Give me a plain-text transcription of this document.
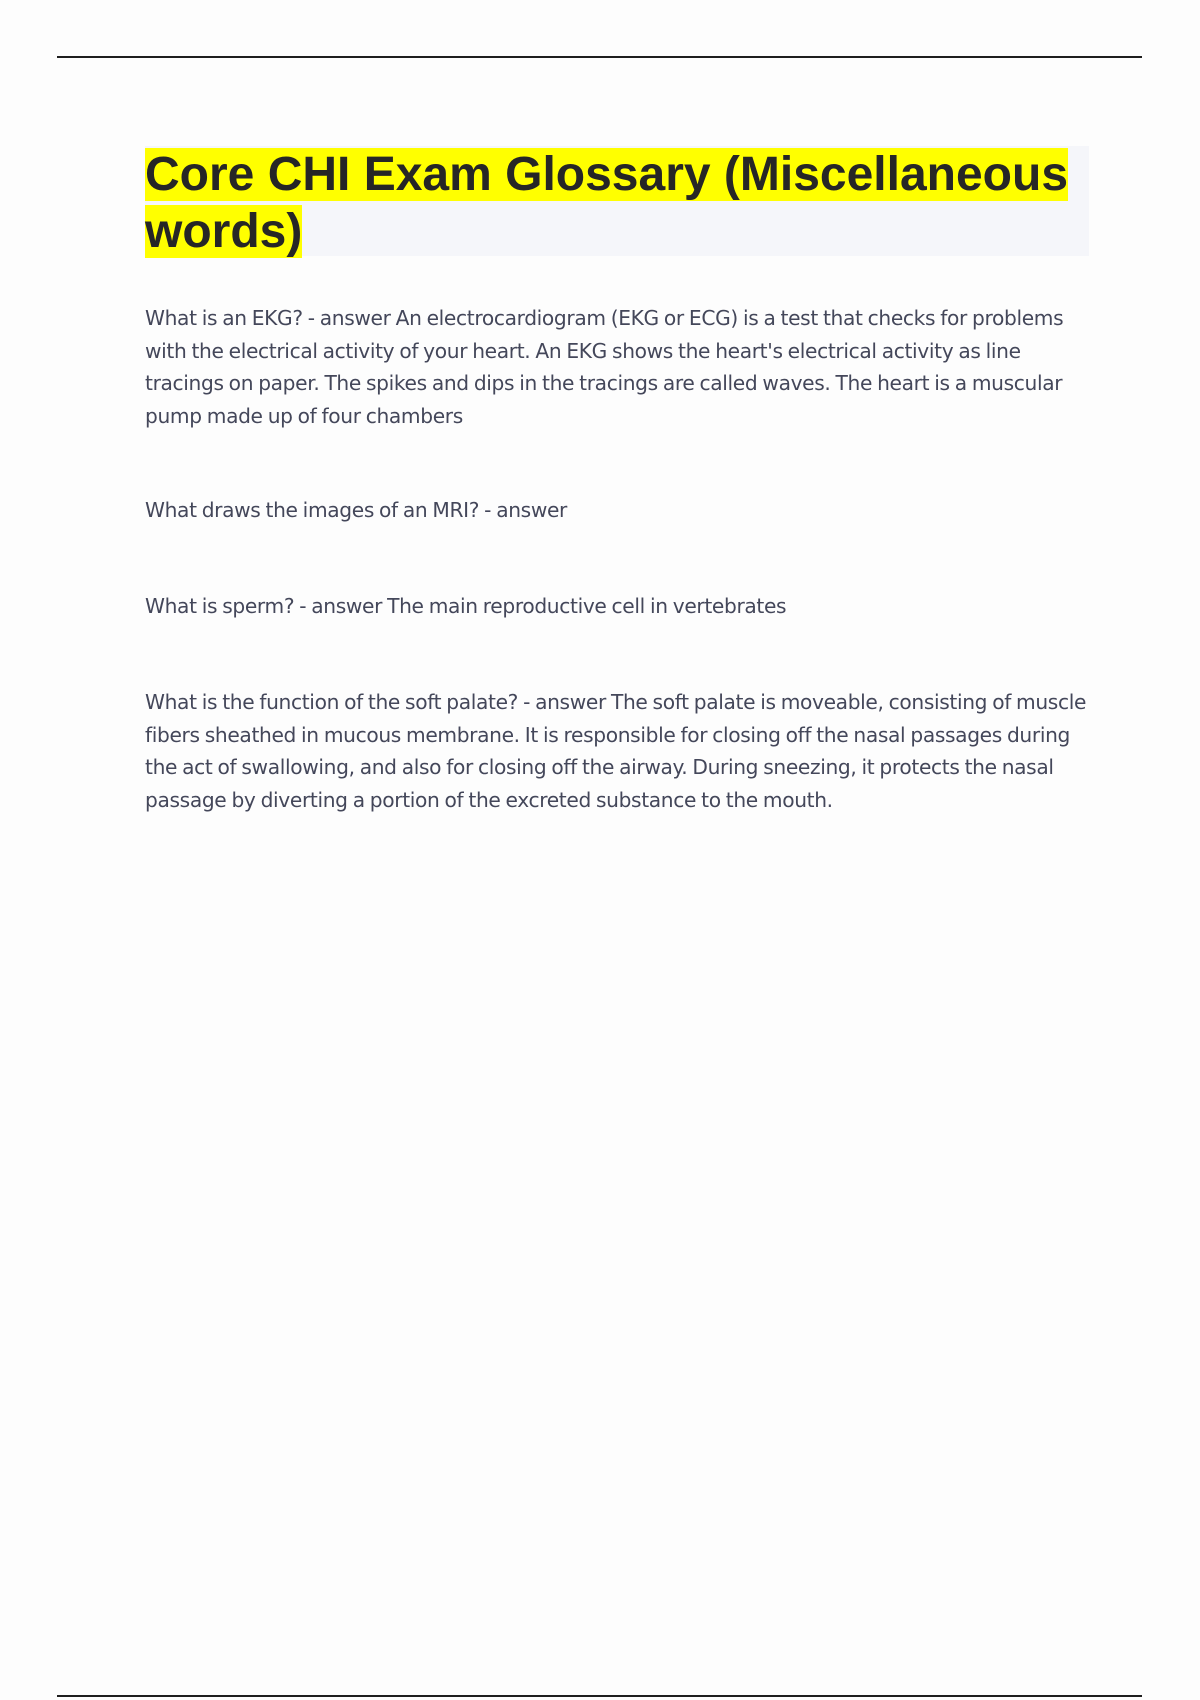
Core CHI Exam Glossary (Miscellaneous words)

What is an EKG? - answer An electrocardiogram (EKG or ECG) is a test that checks for problems with the electrical activity of your heart. An EKG shows the heart's electrical activity as line tracings on paper. The spikes and dips in the tracings are called waves. The heart is a muscular pump made up of four chambers

What draws the images of an MRI? - answer

What is sperm? - answer The main reproductive cell in vertebrates

What is the function of the soft palate? - answer The soft palate is moveable, consisting of muscle fibers sheathed in mucous membrane. It is responsible for closing off the nasal passages during the act of swallowing, and also for closing off the airway. During sneezing, it protects the nasal passage by diverting a portion of the excreted substance to the mouth.
